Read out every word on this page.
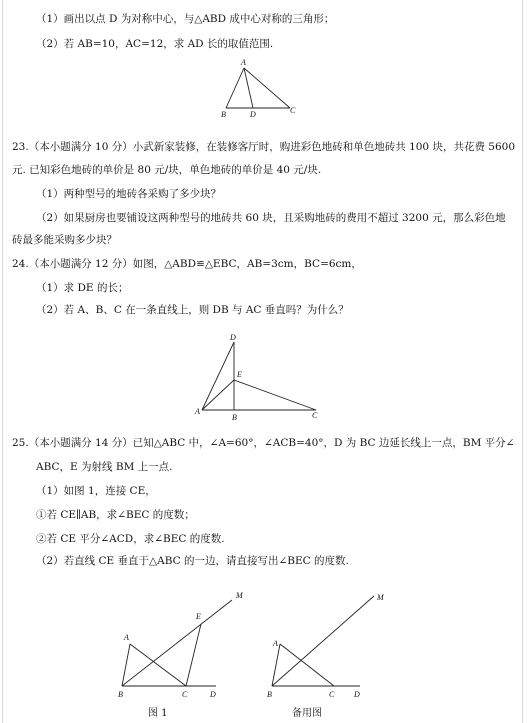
（1）画出以点 D 为对称中心，与△ABD 成中心对称的三角形；
（2）若 AB=10，AC=12，求 AD 长的取值范围.
A
B	D	C
23.（本小题满分 10 分）小武新家装修，在装修客厅时，购进彩色地砖和单色地砖共 100 块，共花费 5600
元. 已知彩色地砖的单价是 80 元/块，单色地砖的单价是 40 元/块.
（1）两种型号的地砖各采购了多少块？
（2）如果厨房也要铺设这两种型号的地砖共 60 块，且采购地砖的费用不超过 3200 元，那么彩色地
砖最多能采购多少块？
24.（本小题满分 12 分）如图，△ABD≌△EBC，AB=3cm，BC=6cm，
（1）求 DE 的长；
（2）若 A、B、C 在一条直线上，则 DB 与 AC 垂直吗？为什么？
D
E
A
B	C
25.（本小题满分 14 分）已知△ABC 中，∠A=60°，∠ACB=40°，D 为 BC 边延长线上一点，BM 平分∠
ABC，E 为射线 BM 上一点.
（1）如图 1，连接 CE，
①若 CE∥AB，求∠BEC 的度数；
②若 CE 平分∠ACD，求∠BEC 的度数.
（2）若直线 CE 垂直于△ABC 的一边，请直接写出∠BEC 的度数.
M
E
A
B	C	D
图 1
M
A
B	C D
备用图
